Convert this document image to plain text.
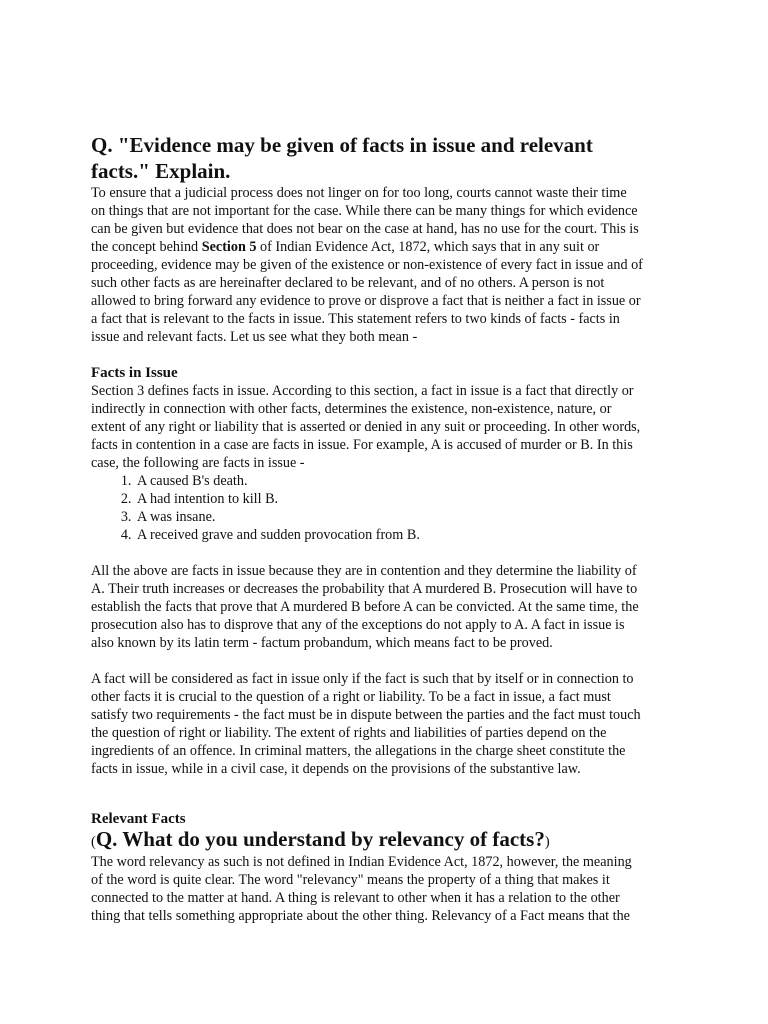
Q. "Evidence may be given of facts in issue and relevant
facts." Explain.

To ensure that a judicial process does not linger on for too long, courts cannot waste their time
on things that are not important for the case. While there can be many things for which evidence
can be given but evidence that does not bear on the case at hand, has no use for the court. This is
the concept behind Section 5 of Indian Evidence Act, 1872, which says that in any suit or
proceeding, evidence may be given of the existence or non-existence of every fact in issue and of
such other facts as are hereinafter declared to be relevant, and of no others. A person is not
allowed to bring forward any evidence to prove or disprove a fact that is neither a fact in issue or
a fact that is relevant to the facts in issue. This statement refers to two kinds of facts - facts in
issue and relevant facts. Let us see what they both mean -

Facts in Issue

Section 3 defines facts in issue. According to this section, a fact in issue is a fact that directly or
indirectly in connection with other facts, determines the existence, non-existence, nature, or
extent of any right or liability that is asserted or denied in any suit or proceeding. In other words,
facts in contention in a case are facts in issue. For example, A is accused of murder or B. In this
case, the following are facts in issue -

1. A caused B's death.
2. A had intention to kill B.
3. A was insane.
4. A received grave and sudden provocation from B.

All the above are facts in issue because they are in contention and they determine the liability of
A. Their truth increases or decreases the probability that A murdered B. Prosecution will have to
establish the facts that prove that A murdered B before A can be convicted. At the same time, the
prosecution also has to disprove that any of the exceptions do not apply to A. A fact in issue is
also known by its latin term - factum probandum, which means fact to be proved.

A fact will be considered as fact in issue only if the fact is such that by itself or in connection to
other facts it is crucial to the question of a right or liability. To be a fact in issue, a fact must
satisfy two requirements - the fact must be in dispute between the parties and the fact must touch
the question of right or liability. The extent of rights and liabilities of parties depend on the
ingredients of an offence. In criminal matters, the allegations in the charge sheet constitute the
facts in issue, while in a civil case, it depends on the provisions of the substantive law.

Relevant Facts

(Q. What do you understand by relevancy of facts?)

The word relevancy as such is not defined in Indian Evidence Act, 1872, however, the meaning
of the word is quite clear. The word "relevancy" means the property of a thing that makes it
connected to the matter at hand. A thing is relevant to other when it has a relation to the other
thing that tells something appropriate about the other thing. Relevancy of a Fact means that the
